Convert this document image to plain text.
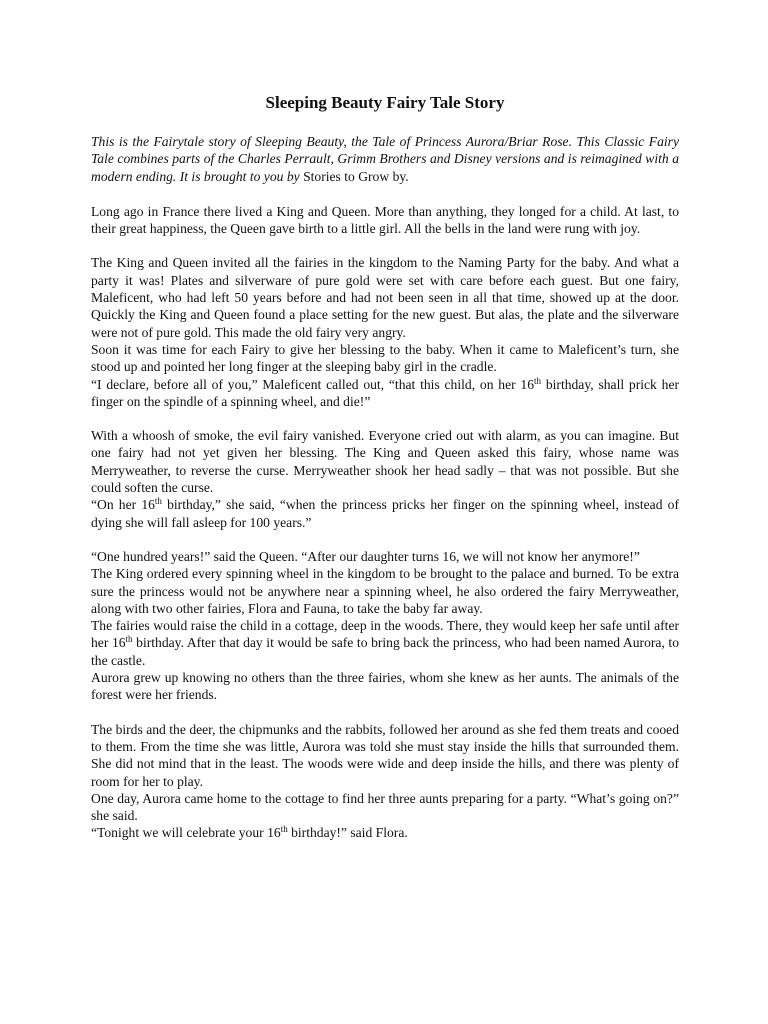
Sleeping Beauty Fairy Tale Story
This is the Fairytale story of Sleeping Beauty, the Tale of Princess Aurora/Briar Rose. This Classic Fairy Tale combines parts of the Charles Perrault, Grimm Brothers and Disney versions and is reimagined with a modern ending. It is brought to you by Stories to Grow by.

Long ago in France there lived a King and Queen. More than anything, they longed for a child. At last, to their great happiness, the Queen gave birth to a little girl. All the bells in the land were rung with joy.

The King and Queen invited all the fairies in the kingdom to the Naming Party for the baby. And what a party it was! Plates and silverware of pure gold were set with care before each guest. But one fairy, Maleficent, who had left 50 years before and had not been seen in all that time, showed up at the door. Quickly the King and Queen found a place setting for the new guest. But alas, the plate and the silverware were not of pure gold. This made the old fairy very angry.

Soon it was time for each Fairy to give her blessing to the baby. When it came to Maleficent’s turn, she stood up and pointed her long finger at the sleeping baby girl in the cradle.

“I declare, before all of you,” Maleficent called out, “that this child, on her 16th birthday, shall prick her finger on the spindle of a spinning wheel, and die!”

With a whoosh of smoke, the evil fairy vanished. Everyone cried out with alarm, as you can imagine. But one fairy had not yet given her blessing. The King and Queen asked this fairy, whose name was Merryweather, to reverse the curse. Merryweather shook her head sadly – that was not possible. But she could soften the curse.

“On her 16th birthday,” she said, “when the princess pricks her finger on the spinning wheel, instead of dying she will fall asleep for 100 years.”

“One hundred years!” said the Queen. “After our daughter turns 16, we will not know her anymore!”

The King ordered every spinning wheel in the kingdom to be brought to the palace and burned. To be extra sure the princess would not be anywhere near a spinning wheel, he also ordered the fairy Merryweather, along with two other fairies, Flora and Fauna, to take the baby far away.

The fairies would raise the child in a cottage, deep in the woods. There, they would keep her safe until after her 16th birthday. After that day it would be safe to bring back the princess, who had been named Aurora, to the castle.

Aurora grew up knowing no others than the three fairies, whom she knew as her aunts. The animals of the forest were her friends.

The birds and the deer, the chipmunks and the rabbits, followed her around as she fed them treats and cooed to them. From the time she was little, Aurora was told she must stay inside the hills that surrounded them. She did not mind that in the least. The woods were wide and deep inside the hills, and there was plenty of room for her to play.

One day, Aurora came home to the cottage to find her three aunts preparing for a party. “What’s going on?” she said.

“Tonight we will celebrate your 16th birthday!” said Flora.
